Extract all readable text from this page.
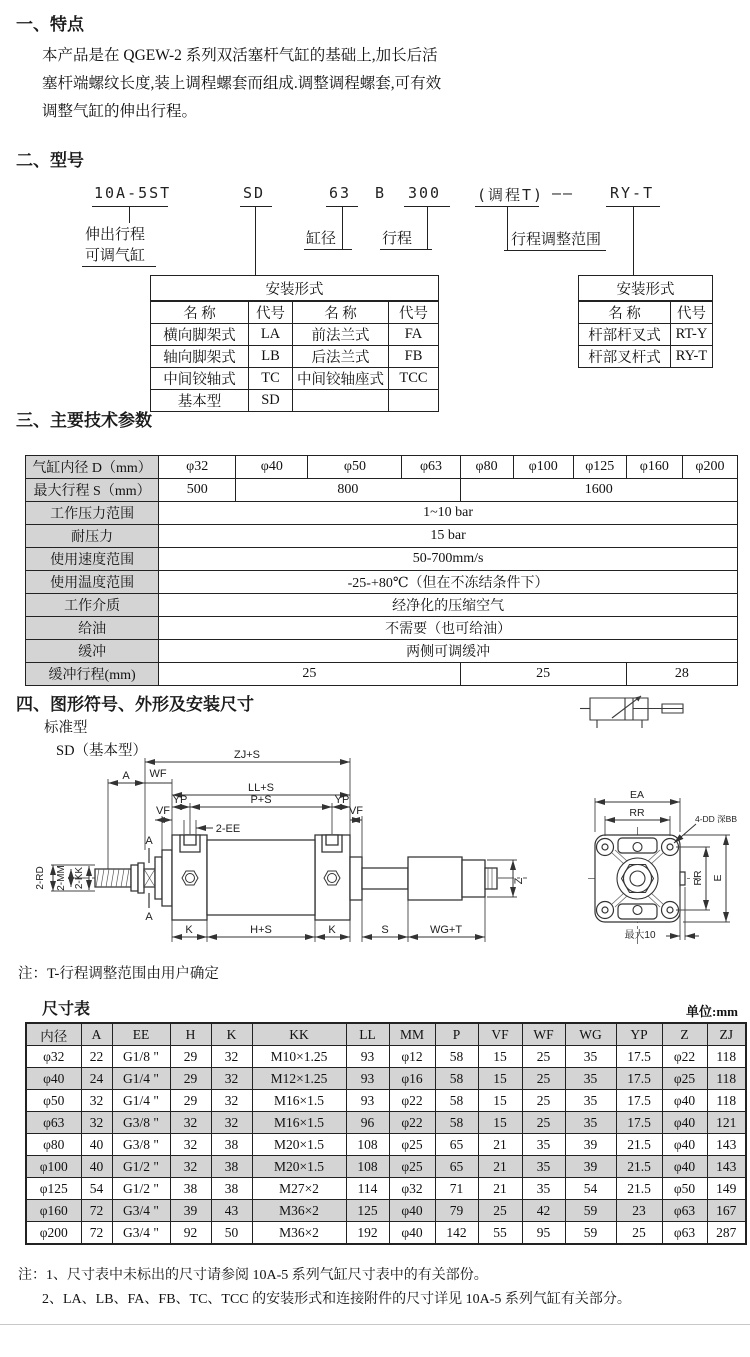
一、特点
本产品是在 QGEW-2 系列双活塞杆气缸的基础上,加长后活
塞杆端螺纹长度,装上调程螺套而组成.调整调程螺套,可有效
调整气缸的伸出行程。
二、型号
10A-5ST	SD	63 B 300 (调程T) —— RY-T
伸出行程
可调气缸
缸径	行程	行程调整范围
安装形式			
名 称	代号	名 称	代号
横向脚架式	LA	前法兰式	FA
轴向脚架式	LB	后法兰式	FB
中间铰轴式	TC	中间铰轴座式	TCC
基本型	SD		
安装形式	
名 称	代号
杆部杆叉式	RT-Y
杆部叉杆式	RY-T
三、主要技术参数
气缸内径 D（mm）	φ32	φ40	φ50	φ63	φ80	φ100	φ125	φ160	φ200
最大行程 S（mm）	500	800			1600				
工作压力范围	1~10 bar								
耐压力	15 bar								
使用速度范围	50-700mm/s								
使用温度范围	-25-+80℃（但在不冻结条件下）								
工作介质	经净化的压缩空气								
给油	不需要（也可给油）								
缓冲	两侧可调缓冲								
缓冲行程(mm)	25				25			28	
四、图形符号、外形及安装尺寸
标准型
SD（基本型）	ZJ+S
A WF
LL+S
YP	P+S	YP
VF	VF
2-EE
A
A
K	H+S	K	S	WG+T
Z
2-RD 2-MM 2-KK
EA
RR	4-DD 深BB
RR E
最大10
注：T-行程调整范围由用户确定
尺寸表	单位:mm
内径	A	EE	H	K	KK	LL	MM	P	VF	WF	WG	YP	Z	ZJ
φ32	22	G1/8 "	29	32	M10×1.25	93	φ12	58	15	25	35	17.5	φ22	118
φ40	24	G1/4 "	29	32	M12×1.25	93	φ16	58	15	25	35	17.5	φ25	118
φ50	32	G1/4 "	29	32	M16×1.5	93	φ22	58	15	25	35	17.5	φ40	118
φ63	32	G3/8 "	32	32	M16×1.5	96	φ22	58	15	25	35	17.5	φ40	121
φ80	40	G3/8 "	32	38	M20×1.5	108	φ25	65	21	35	39	21.5	φ40	143
φ100	40	G1/2 "	32	38	M20×1.5	108	φ25	65	21	35	39	21.5	φ40	143
φ125	54	G1/2 "	38	38	M27×2	114	φ32	71	21	35	54	21.5	φ50	149
φ160	72	G3/4 "	39	43	M36×2	125	φ40	79	25	42	59	23	φ63	167
φ200	72	G3/4 "	92	50	M36×2	192	φ40	142	55	95	59	25	φ63	287
注：1、尺寸表中未标出的尺寸请参阅 10A-5 系列气缸尺寸表中的有关部份。
2、LA、LB、FA、FB、TC、TCC 的安装形式和连接附件的尺寸详见 10A-5 系列气缸有关部分。
